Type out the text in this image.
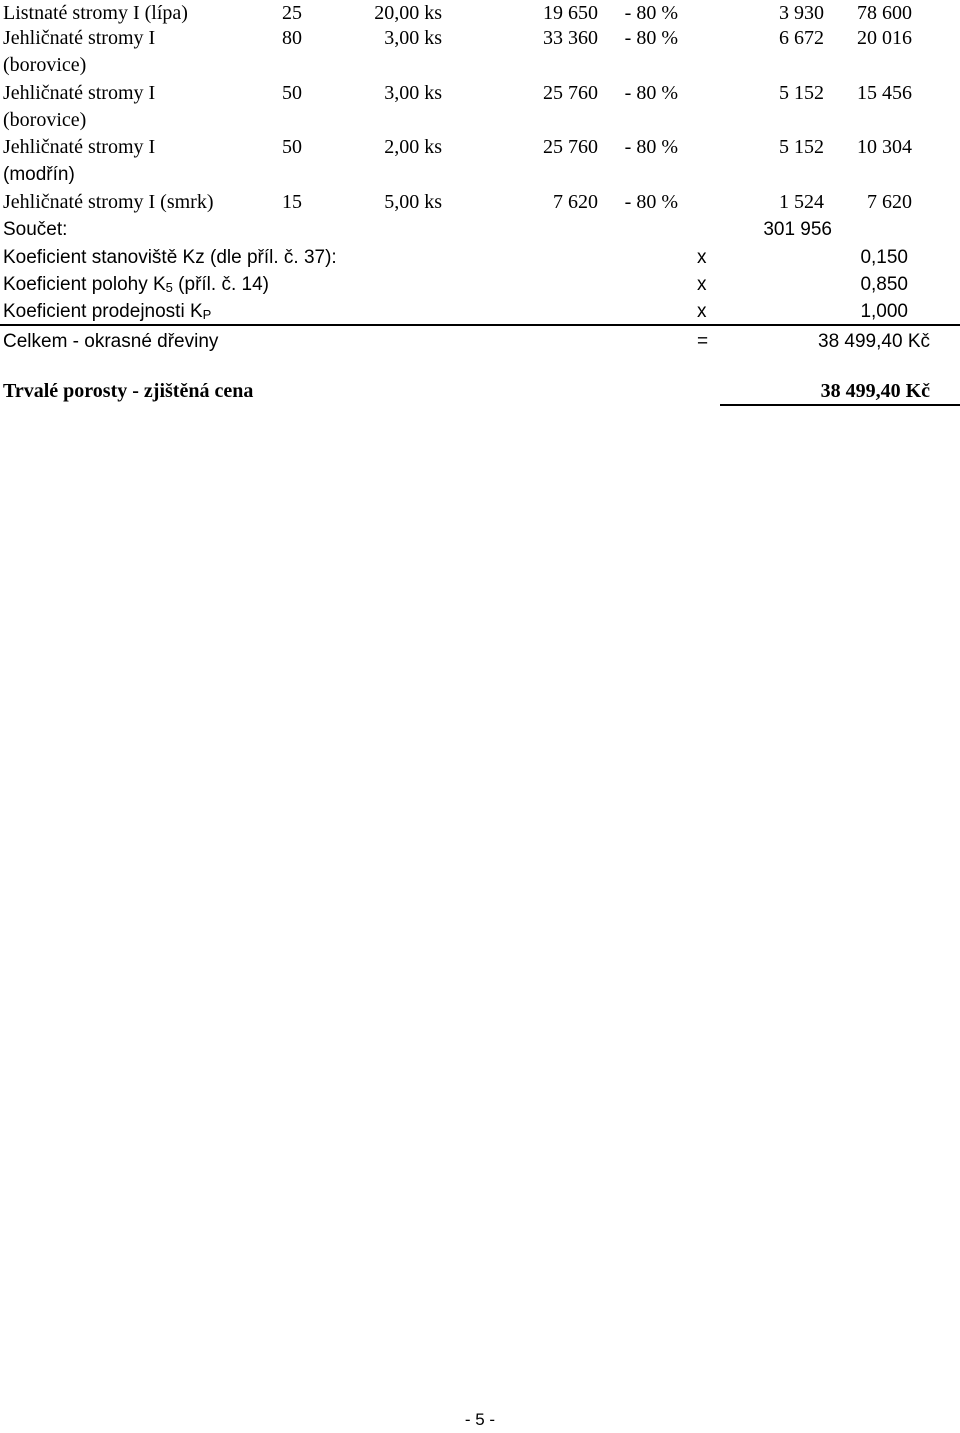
Listnaté stromy I (lípa)	25	20,00 ks	19 650	- 80 %	3 930	78 600
Jehličnaté stromy I	80	3,00 ks	33 360	- 80 %	6 672	20 016
(borovice)
Jehličnaté stromy I	50	3,00 ks	25 760	- 80 %	5 152	15 456
(borovice)
Jehličnaté stromy I	50	2,00 ks	25 760	- 80 %	5 152	10 304
(modřín)
Jehličnaté stromy I (smrk)	15	5,00 ks	7 620	- 80 %	1 524	7 620
Součet:	301 956
Koeficient stanoviště Kz (dle příl. č. 37):	x	0,150
Koeficient polohy K5 (příl. č. 14)	x	0,850
Koeficient prodejnosti KP	x	1,000
Celkem - okrasné dřeviny	=	38 499,40 Kč
Trvalé porosty - zjištěná cena	38 499,40 Kč
- 5 -
